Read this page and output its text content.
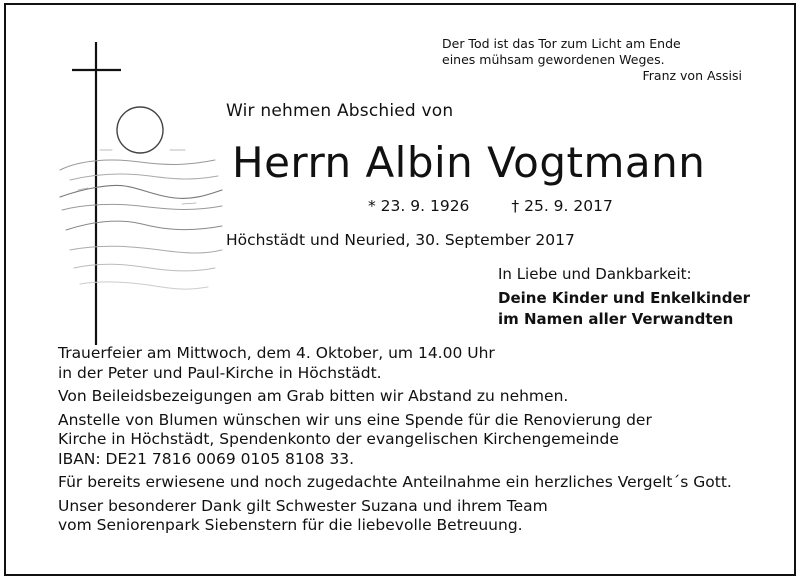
Der Tod ist das Tor zum Licht am Ende
eines mühsam gewordenen Weges.
Franz von Assisi
Wir nehmen Abschied von
Herrn Albin Vogtmann
* 23. 9. 1926	† 25. 9. 2017
Höchstädt und Neuried, 30. September 2017
In Liebe und Dankbarkeit:
Deine Kinder und Enkelkinder
im Namen aller Verwandten
Trauerfeier am Mittwoch, dem 4. Oktober, um 14.00 Uhr
in der Peter und Paul-Kirche in Höchstädt.
Von Beileidsbezeigungen am Grab bitten wir Abstand zu nehmen.
Anstelle von Blumen wünschen wir uns eine Spende für die Renovierung der
Kirche in Höchstädt, Spendenkonto der evangelischen Kirchengemeinde
IBAN: DE21 7816 0069 0105 8108 33.
Für bereits erwiesene und noch zugedachte Anteilnahme ein herzliches Vergelt´s Gott.
Unser besonderer Dank gilt Schwester Suzana und ihrem Team
vom Seniorenpark Siebenstern für die liebevolle Betreuung.
